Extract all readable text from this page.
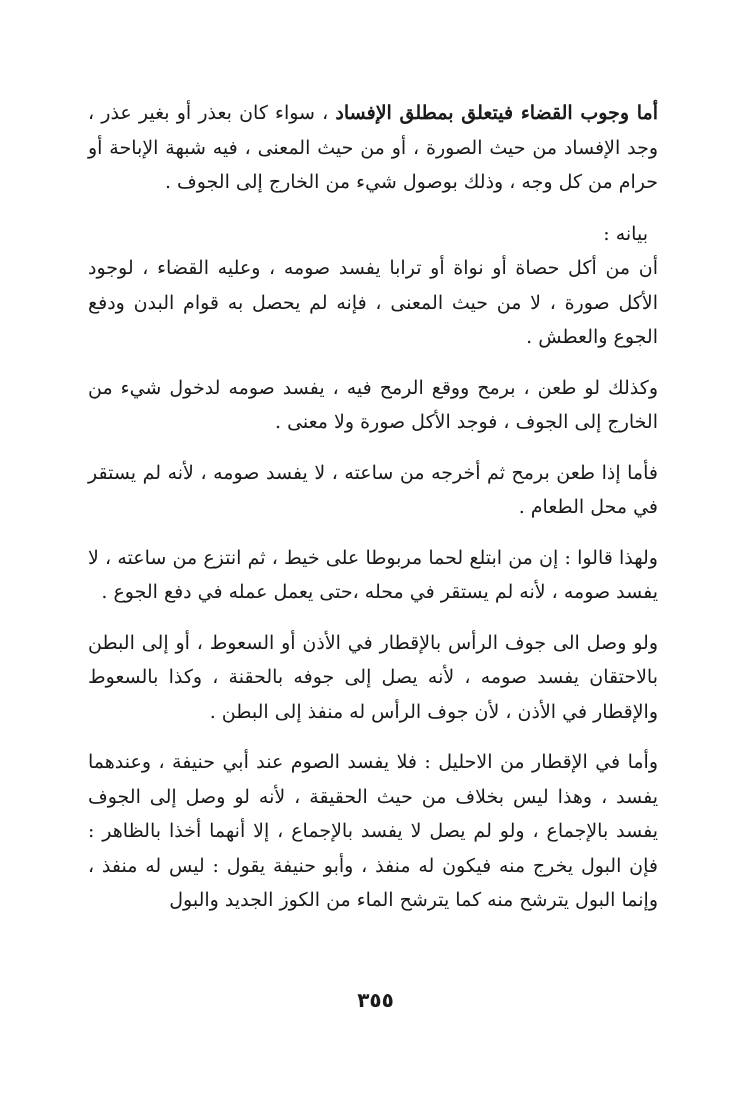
أما وجوب القضاء فيتعلق بمطلق الإفساد ، سواء كان بعذر أو بغير عذر ، وجد الإفساد من حيث الصورة ، أو من حيث المعنى ، فيه شبهة الإباحة أو حرام من كل وجه ، وذلك بوصول شيء من الخارج إلى الجوف .

بيانه :

أن من أكل حصاة أو نواة أو ترابا يفسد صومه ، وعليه القضاء ، لوجود الأكل صورة ، لا من حيث المعنى ، فإنه لم يحصل به قوام البدن ودفع الجوع والعطش .

وكذلك لو طعن ، برمح ووقع الرمح فيه ، يفسد صومه لدخول شيء من الخارج إلى الجوف ، فوجد الأكل صورة ولا معنى .

فأما إذا طعن برمح ثم أخرجه من ساعته ، لا يفسد صومه ، لأنه لم يستقر في محل الطعام .

ولهذا قالوا : إن من ابتلع لحما مربوطا على خيط ، ثم انتزع من ساعته ، لا يفسد صومه ، لأنه لم يستقر في محله ،حتى يعمل عمله في دفع الجوع .

ولو وصل الى جوف الرأس بالإقطار في الأذن أو السعوط ، أو إلى البطن بالاحتقان يفسد صومه ، لأنه يصل إلى جوفه بالحقنة ، وكذا بالسعوط والإقطار في الأذن ، لأن جوف الرأس له منفذ إلى البطن .

وأما في الإقطار من الاحليل : فلا يفسد الصوم عند أبي حنيفة ، وعندهما يفسد ، وهذا ليس بخلاف من حيث الحقيقة ، لأنه لو وصل إلى الجوف يفسد بالإجماع ، ولو لم يصل لا يفسد بالإجماع ، إلا أنهما أخذا بالظاهر : فإن البول يخرج منه فيكون له منفذ ، وأبو حنيفة يقول : ليس له منفذ ، وإنما البول يترشح منه كما يترشح الماء من الكوز الجديد والبول

٣٥٥
